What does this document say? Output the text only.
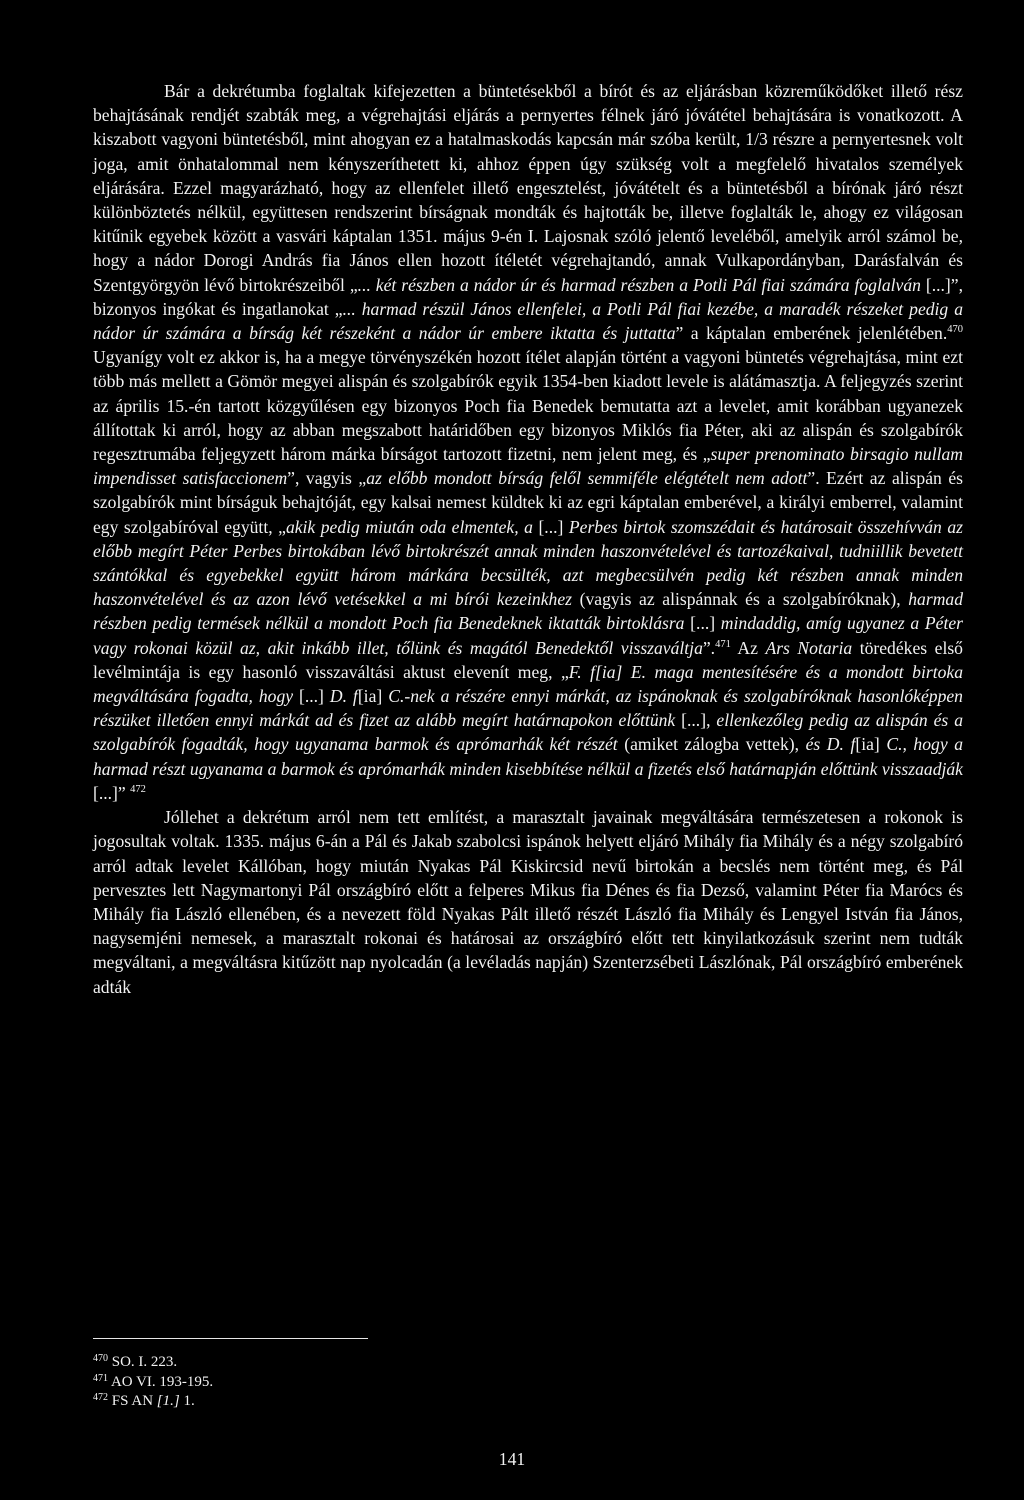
Bár a dekrétumba foglaltak kifejezetten a büntetésekből a bírót és az eljárásban közreműködőket illető rész behajtásának rendjét szabták meg, a végrehajtási eljárás a pernyertes félnek járó jóvátétel behajtására is vonatkozott. A kiszabott vagyoni büntetésből, mint ahogyan ez a hatalmaskodás kapcsán már szóba került, 1/3 részre a pernyertesnek volt joga, amit önhatalommal nem kényszeríthetett ki, ahhoz éppen úgy szükség volt a megfelelő hivatalos személyek eljárására. Ezzel magyarázható, hogy az ellenfelet illető engesztelést, jóvátételt és a büntetésből a bírónak járó részt különböztetés nélkül, együttesen rendszerint bírságnak mondták és hajtották be, illetve foglalták le, ahogy ez világosan kitűnik egyebek között a vasvári káptalan 1351. május 9-én I. Lajosnak szóló jelentő leveléből, amelyik arról számol be, hogy a nádor Dorogi András fia János ellen hozott ítéletét végrehajtandó, annak Vulkapordányban, Darásfalván és Szentgyörgyön lévő birtokrészeiből „... két részben a nádor úr és harmad részben a Potli Pál fiai számára foglalván [...]”, bizonyos ingókat és ingatlanokat „... harmad részül János ellenfelei, a Potli Pál fiai kezébe, a maradék részeket pedig a nádor úr számára a bírság két részeként a nádor úr embere iktatta és juttatta” a káptalan emberének jelenlétében.$^{470}$ Ugyanígy volt ez akkor is, ha a megye törvényszékén hozott ítélet alapján történt a vagyoni büntetés végrehajtása, mint ezt több más mellett a Gömör megyei alispán és szolgabírók egyik 1354-ben kiadott levele is alátámasztja. A feljegyzés szerint az április 15.-én tartott közgyűlésen egy bizonyos Poch fia Benedek bemutatta azt a levelet, amit korábban ugyanezek állítottak ki arról, hogy az abban megszabott határidőben egy bizonyos Miklós fia Péter, aki az alispán és szolgabírók regesztrumába feljegyzett három márka bírságot tartozott fizetni, nem jelent meg, és „super prenominato birsagio nullam impendisset satisfaccionem”, vagyis „az előbb mondott bírság felől semmiféle elégtételt nem adott”. Ezért az alispán és szolgabírók mint bírságuk behajtóját, egy kalsai nemest küldtek ki az egri káptalan emberével, a királyi emberrel, valamint egy szolgabíróval együtt, „akik pedig miután oda elmentek, a [...] Perbes birtok szomszédait és határosait összehívván az előbb megírt Péter Perbes birtokában lévő birtokrészét annak minden haszonvételével és tartozékaival, tudniillik bevetett szántókkal és egyebekkel együtt három márkára becsülték, azt megbecsülvén pedig két részben annak minden haszonvételével és az azon lévő vetésekkel a mi bírói kezeinkhez (vagyis az alispánnak és a szolgabíróknak), harmad részben pedig termések nélkül a mondott Poch fia Benedeknek iktatták birtoklásra [...] mindaddig, amíg ugyanez a Péter vagy rokonai közül az, akit inkább illet, tőlünk és magától Benedektől visszaváltja”.$^{471}$ Az Ars Notaria töredékes első levélmintája is egy hasonló visszaváltási aktust elevenít meg, „F. f[ia] E. maga mentesítésére és a mondott birtoka megváltására fogadta, hogy [...] D. f[ia] C.-nek a részére ennyi márkát, az ispánoknak és szolgabíróknak hasonlóképpen részüket illetően ennyi márkát ad és fizet az alább megírt határnapokon előttünk [...], ellenkezőleg pedig az alispán és a szolgabírók fogadták, hogy ugyanama barmok és aprómarhák két részét (amiket zálogba vettek), és D. f[ia] C., hogy a harmad részt ugyanama a barmok és aprómarhák minden kisebbítése nélkül a fizetés első határnapján előttünk visszaadják [...]” $^{472}$

Jóllehet a dekrétum arról nem tett említést, a marasztalt javainak megváltására természetesen a rokonok is jogosultak voltak. 1335. május 6-án a Pál és Jakab szabolcsi ispánok helyett eljáró Mihály fia Mihály és a négy szolgabíró arról adtak levelet Kállóban, hogy miután Nyakas Pál Kiskircsid nevű birtokán a becslés nem történt meg, és Pál pervesztes lett Nagymartonyi Pál országbíró előtt a felperes Mikus fia Dénes és fia Dezső, valamint Péter fia Marócs és Mihály fia László ellenében, és a nevezett föld Nyakas Pált illető részét László fia Mihály és Lengyel István fia János, nagysemjéni nemesek, a marasztalt rokonai és határosai az országbíró előtt tett kinyilatkozásuk szerint nem tudták megváltani, a megváltásra kitűzött nap nyolcadán (a levéladás napján) Szenterzsébeti Lászlónak, Pál országbíró emberének adták

$^{470}$ SO. I. 223.
$^{471}$ AO VI. 193-195.
$^{472}$ FS AN [1.] 1.
141
